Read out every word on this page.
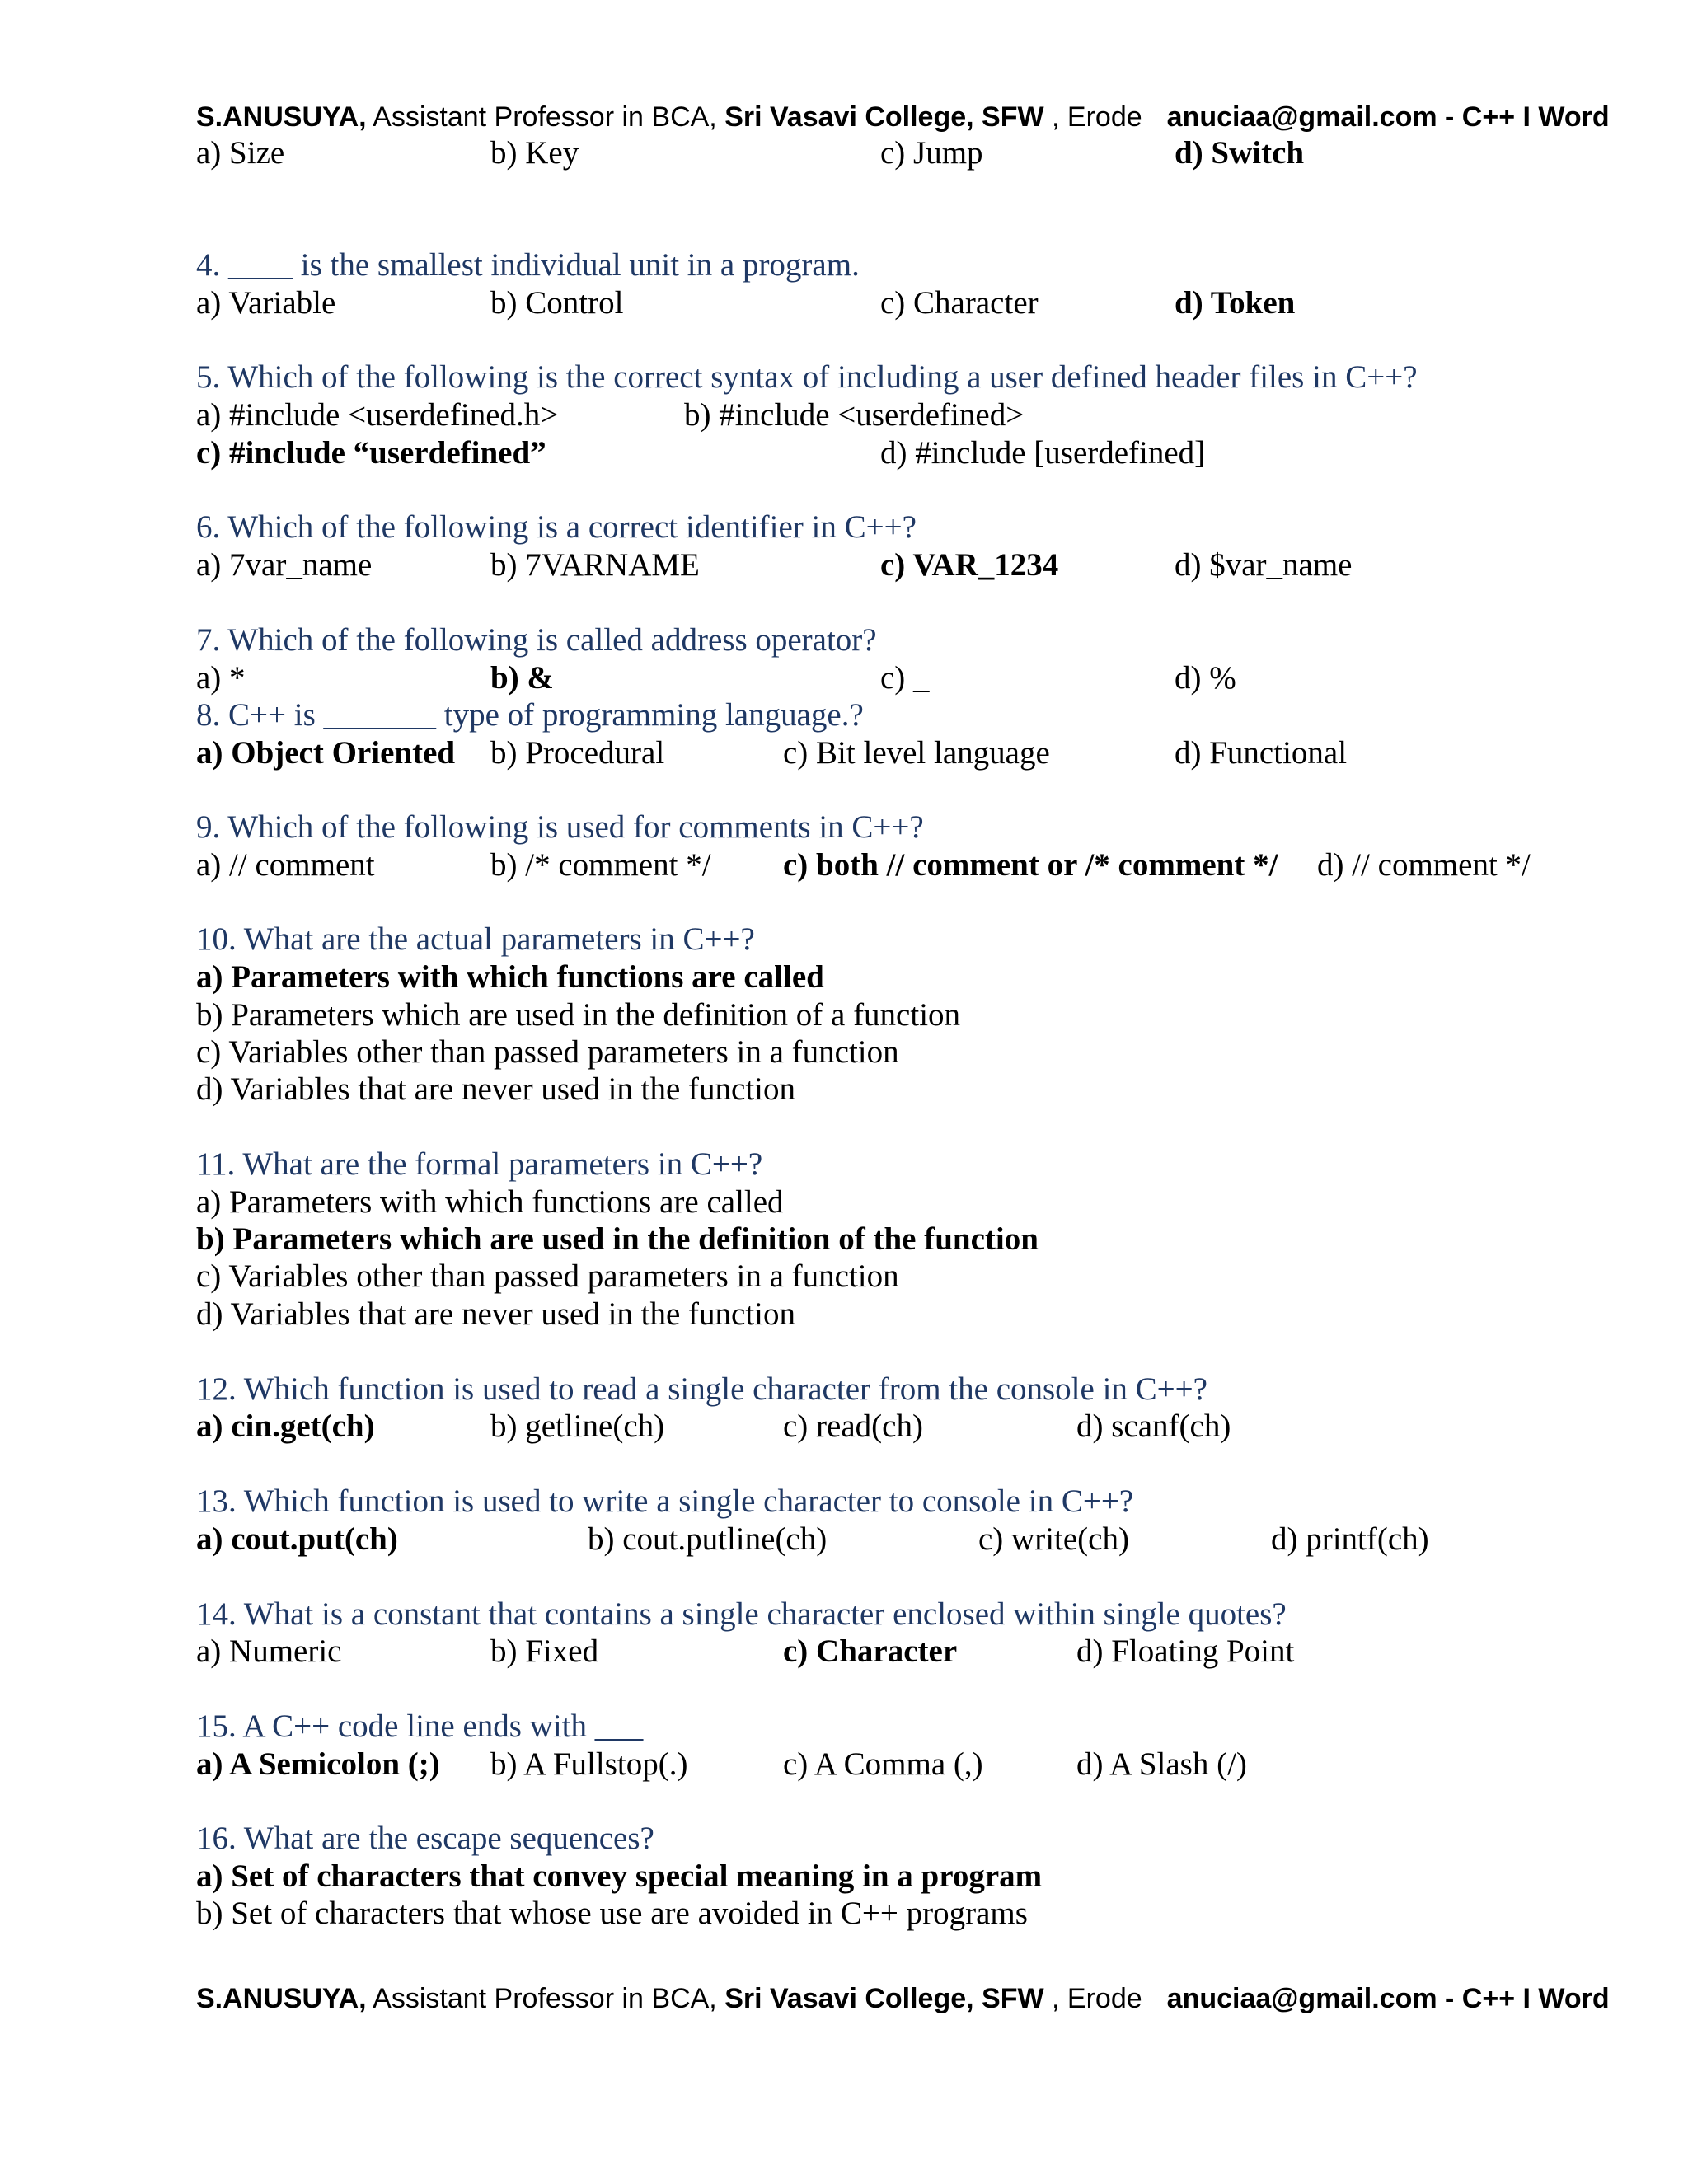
S.ANUSUYA, Assistant Professor in BCA, Sri Vasavi College, SFW , Erode anuciaa@gmail.com - C++ I Word
a) Size	b) Key	c) Jump	d) Switch
4. ____ is the smallest individual unit in a program.
a) Variable	b) Control	c) Character	d) Token
5. Which of the following is the correct syntax of including a user defined header files in C++?
a) #include <userdefined.h>	b) #include <userdefined>
c) #include “userdefined”	d) #include [userdefined]
6. Which of the following is a correct identifier in C++?
a) 7var_name	b) 7VARNAME	c) VAR_1234	d) $var_name
7. Which of the following is called address operator?
a) *	b) &	c) _	d) %
8. C++ is _______ type of programming language.?
a) Object Oriented b) Procedural	c) Bit level language	d) Functional
9. Which of the following is used for comments in C++?
a) // comment	b) /* comment */ c) both // comment or /* comment */ d) // comment */
10. What are the actual parameters in C++?
a) Parameters with which functions are called
b) Parameters which are used in the definition of a function
c) Variables other than passed parameters in a function
d) Variables that are never used in the function
11. What are the formal parameters in C++?
a) Parameters with which functions are called
b) Parameters which are used in the definition of the function
c) Variables other than passed parameters in a function
d) Variables that are never used in the function
12. Which function is used to read a single character from the console in C++?
a) cin.get(ch)	b) getline(ch)	c) read(ch)	d) scanf(ch)
13. Which function is used to write a single character to console in C++?
a) cout.put(ch)	b) cout.putline(ch)	c) write(ch)	d) printf(ch)
14. What is a constant that contains a single character enclosed within single quotes?
a) Numeric	b) Fixed	c) Character	d) Floating Point
15. A C++ code line ends with ___
a) A Semicolon (;) b) A Fullstop(.)	c) A Comma (,)	d) A Slash (/)
16. What are the escape sequences?
a) Set of characters that convey special meaning in a program
b) Set of characters that whose use are avoided in C++ programs
S.ANUSUYA, Assistant Professor in BCA, Sri Vasavi College, SFW , Erode anuciaa@gmail.com - C++ I Word
